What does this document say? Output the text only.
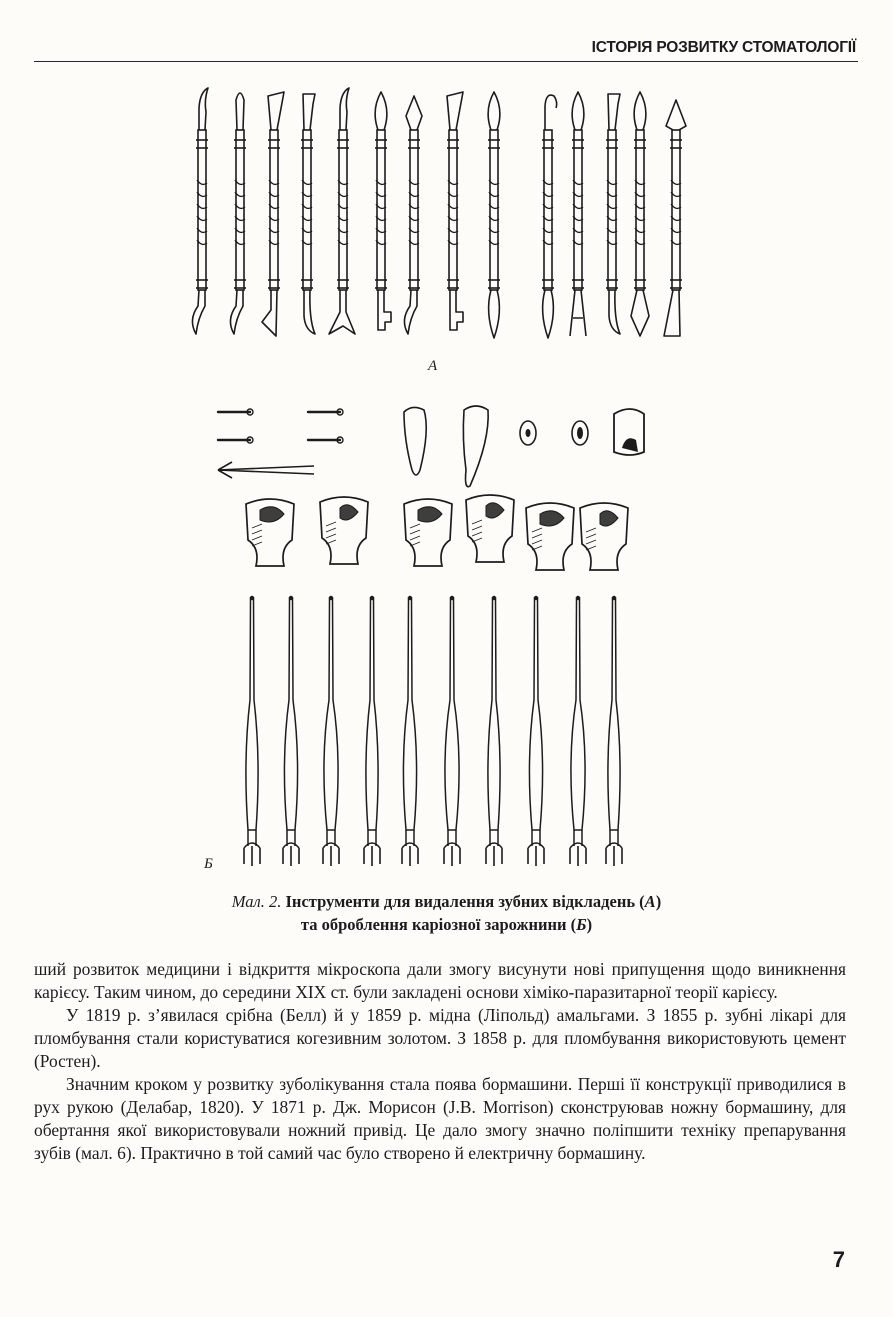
ІСТОРІЯ РОЗВИТКУ СТОМАТОЛОГІЇ
А
Б
Мал. 2. Інструменти для видалення зубних відкладень (А)
та оброблення каріозної зарожнини (Б)

ший розвиток медицини і відкриття мікроскопа дали змогу висунути нові припущення щодо виникнення карієсу. Таким чином, до середини XIX ст. були закладені основи хіміко-паразитарної теорії карієсу.

У 1819 р. з’явилася срібна (Белл) й у 1859 р. мідна (Ліпольд) амальгами. З 1855 р. зубні лікарі для пломбування стали користуватися когезивним золотом. З 1858 р. для пломбування використовують цемент (Ростен).

Значним кроком у розвитку зуболікування стала поява бормашини. Перші її конструкції приводилися в рух рукою (Делабар, 1820). У 1871 р. Дж. Морисон (J.B. Morrison) сконструював ножну бормашину, для обертання якої використовували ножний привід. Це дало змогу значно поліпшити техніку препарування зубів (мал. 6). Практично в той самий час було створено й електричну бормашину.

7
